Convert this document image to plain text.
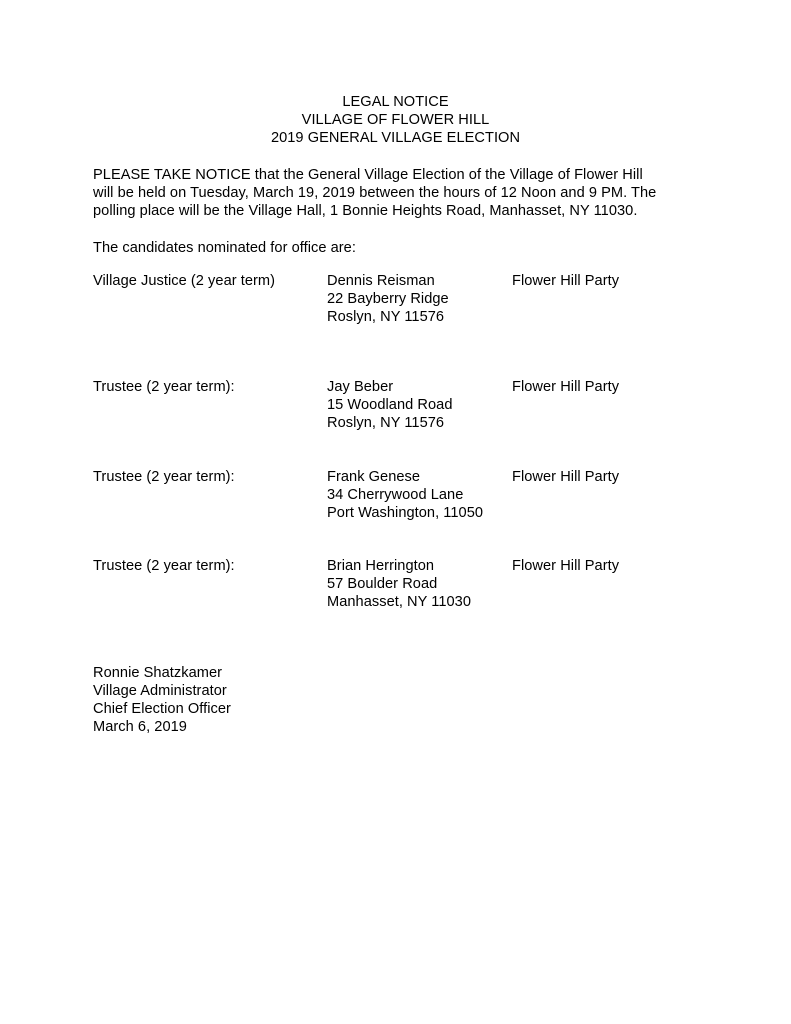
LEGAL NOTICE
VILLAGE OF FLOWER HILL
2019 GENERAL VILLAGE ELECTION
PLEASE TAKE NOTICE that the General Village Election of the Village of Flower Hill
will be held on Tuesday, March 19, 2019 between the hours of 12 Noon and 9 PM. The
polling place will be the Village Hall, 1 Bonnie Heights Road, Manhasset, NY 11030.
The candidates nominated for office are:
Village Justice (2 year term)	Dennis Reisman
22 Bayberry Ridge
Roslyn, NY 11576
Flower Hill Party
Trustee (2 year term):	Jay Beber
15 Woodland Road
Roslyn, NY 11576
Flower Hill Party
Trustee (2 year term):	Frank Genese
34 Cherrywood Lane
Port Washington, 11050
Flower Hill Party
Trustee (2 year term):	Brian Herrington
57 Boulder Road
Manhasset, NY 11030
Flower Hill Party
Ronnie Shatzkamer
Village Administrator
Chief Election Officer
March 6, 2019
